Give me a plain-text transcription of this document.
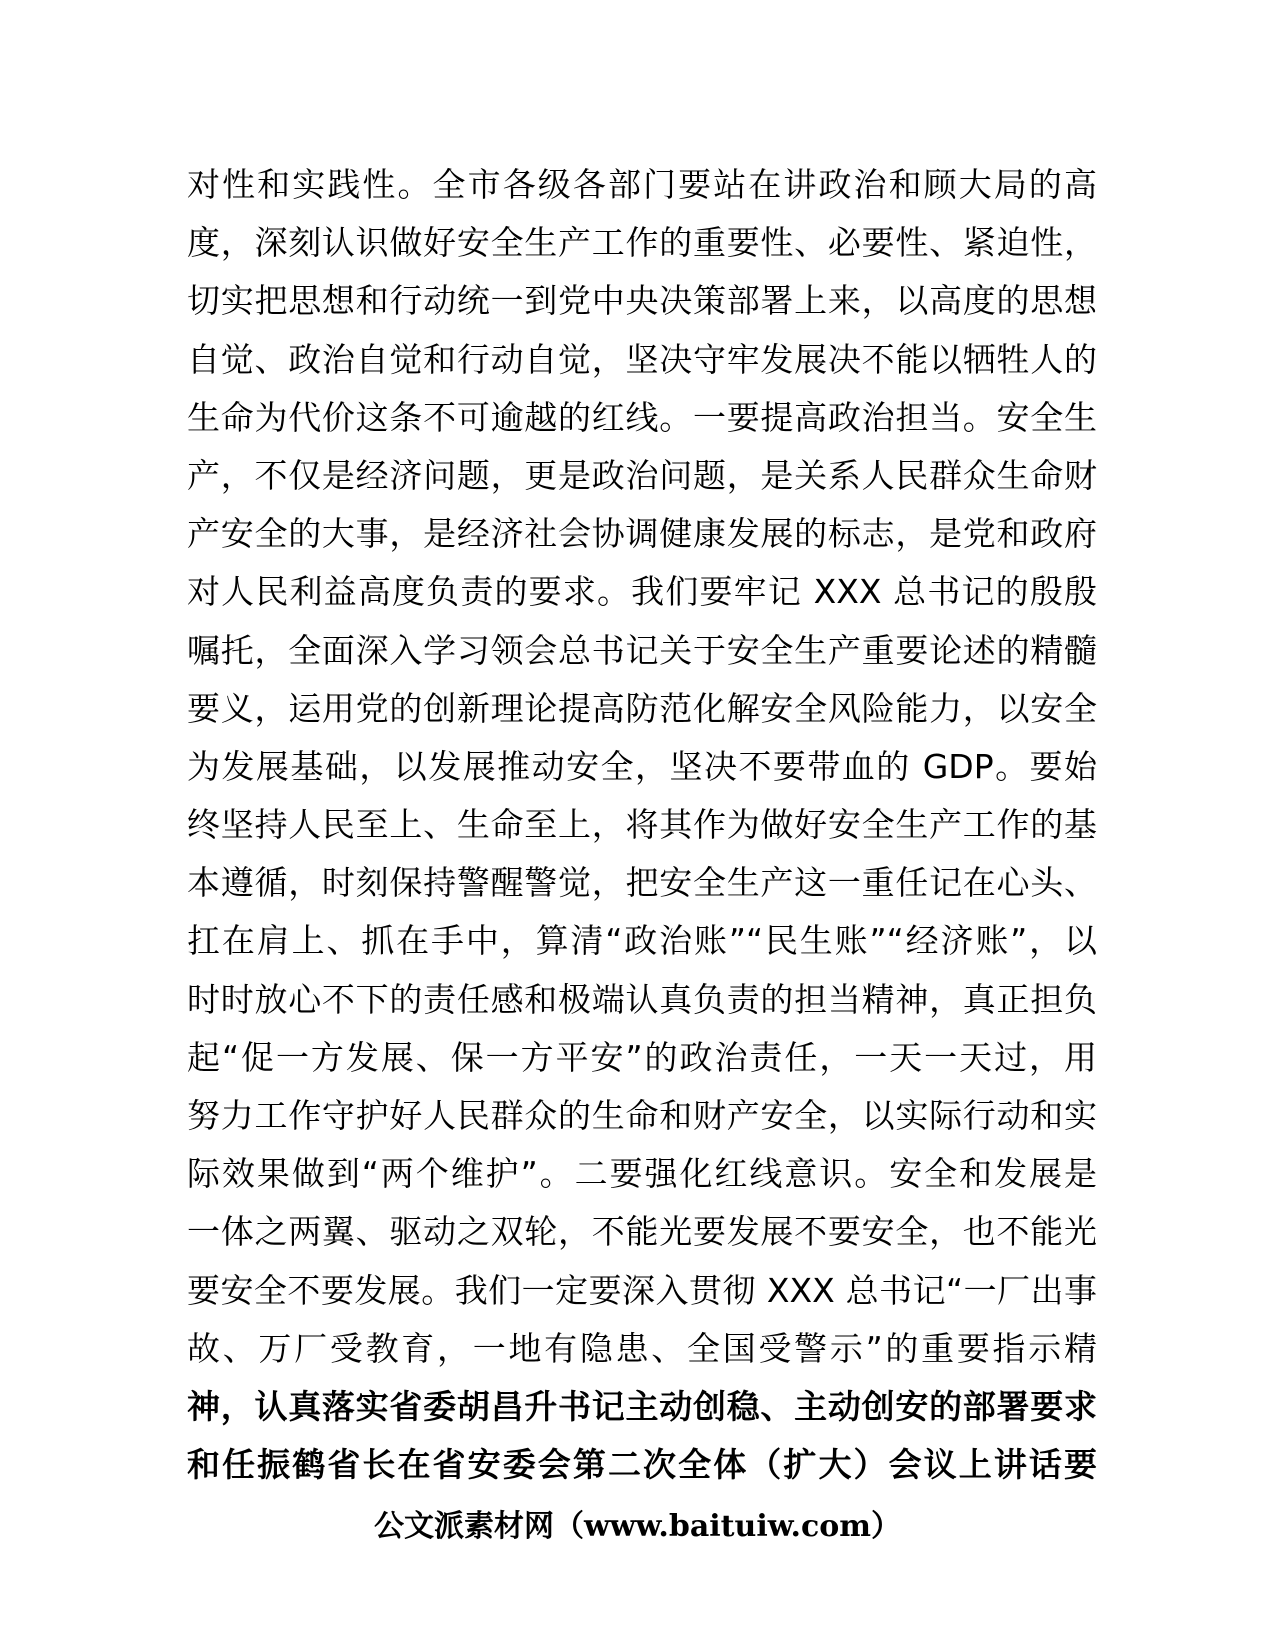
对性和实践性。全市各级各部门要站在讲政治和顾大局的高
度，深刻认识做好安全生产工作的重要性、必要性、紧迫性，
切实把思想和行动统一到党中央决策部署上来，以高度的思想
自觉、政治自觉和行动自觉，坚决守牢发展决不能以牺牲人的
生命为代价这条不可逾越的红线。一要提高政治担当。安全生
产，不仅是经济问题，更是政治问题，是关系人民群众生命财
产安全的大事，是经济社会协调健康发展的标志，是党和政府
对人民利益高度负责的要求。我们要牢记 XXX 总书记的殷殷
嘱托，全面深入学习领会总书记关于安全生产重要论述的精髓
要义，运用党的创新理论提高防范化解安全风险能力，以安全
为发展基础，以发展推动安全，坚决不要带血的 GDP。要始
终坚持人民至上、生命至上，将其作为做好安全生产工作的基
本遵循，时刻保持警醒警觉，把安全生产这一重任记在心头、
扛在肩上、抓在手中，算清“政治账”“民生账”“经济账”，以
时时放心不下的责任感和极端认真负责的担当精神，真正担负
起“促一方发展、保一方平安”的政治责任，一天一天过，用
努力工作守护好人民群众的生命和财产安全，以实际行动和实
际效果做到“两个维护”。二要强化红线意识。安全和发展是
一体之两翼、驱动之双轮，不能光要发展不要安全，也不能光
要安全不要发展。我们一定要深入贯彻 XXX 总书记“一厂出事
故、万厂受教育，一地有隐患、全国受警示”的重要指示精
神，认真落实省委胡昌升书记主动创稳、主动创安的部署要求
和任振鹤省长在省安委会第二次全体（扩大）会议上讲话要
公文派素材网（www.baituiw.com）
